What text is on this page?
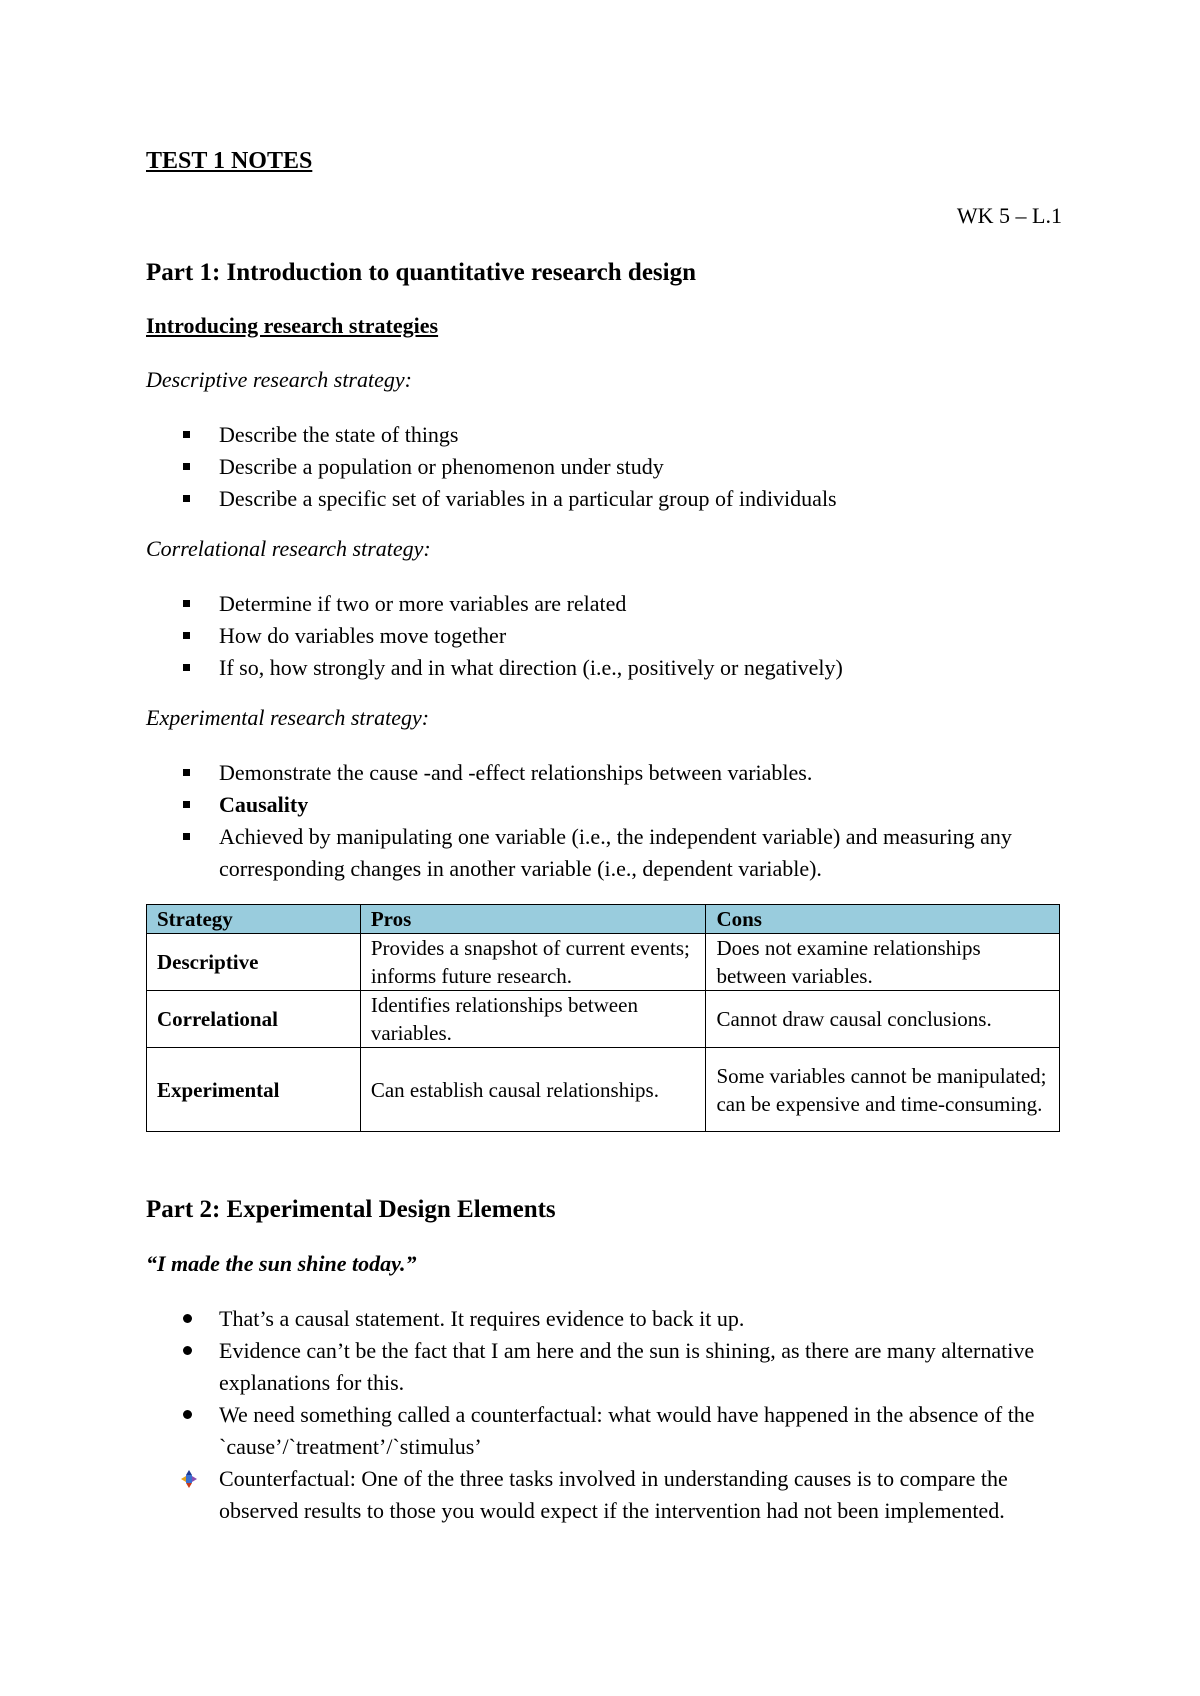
TEST 1 NOTES

WK 5 – L.1

Part 1: Introduction to quantitative research design

Introducing research strategies

Descriptive research strategy:

Describe the state of things
Describe a population or phenomenon under study
Describe a specific set of variables in a particular group of individuals

Correlational research strategy:

Determine if two or more variables are related
How do variables move together
If so, how strongly and in what direction (i.e., positively or negatively)

Experimental research strategy:

Demonstrate the cause -and -effect relationships between variables.
Causality
Achieved by manipulating one variable (i.e., the independent variable) and measuring any corresponding changes in another variable (i.e., dependent variable).
Strategy	Pros	Cons
Descriptive	Provides a snapshot of current events; informs future research.	Does not examine relationships between variables.
Correlational	Identifies relationships between variables.	Cannot draw causal conclusions.
Experimental	Can establish causal relationships.	Some variables cannot be manipulated; can be expensive and time-consuming.

Part 2: Experimental Design Elements

“I made the sun shine today.”

That’s a causal statement. It requires evidence to back it up.
Evidence can’t be the fact that I am here and the sun is shining, as there are many alternative explanations for this.
We need something called a counterfactual: what would have happened in the absence of the `cause’/`treatment’/`stimulus’
Counterfactual: One of the three tasks involved in understanding causes is to compare the observed results to those you would expect if the intervention had not been implemented.
